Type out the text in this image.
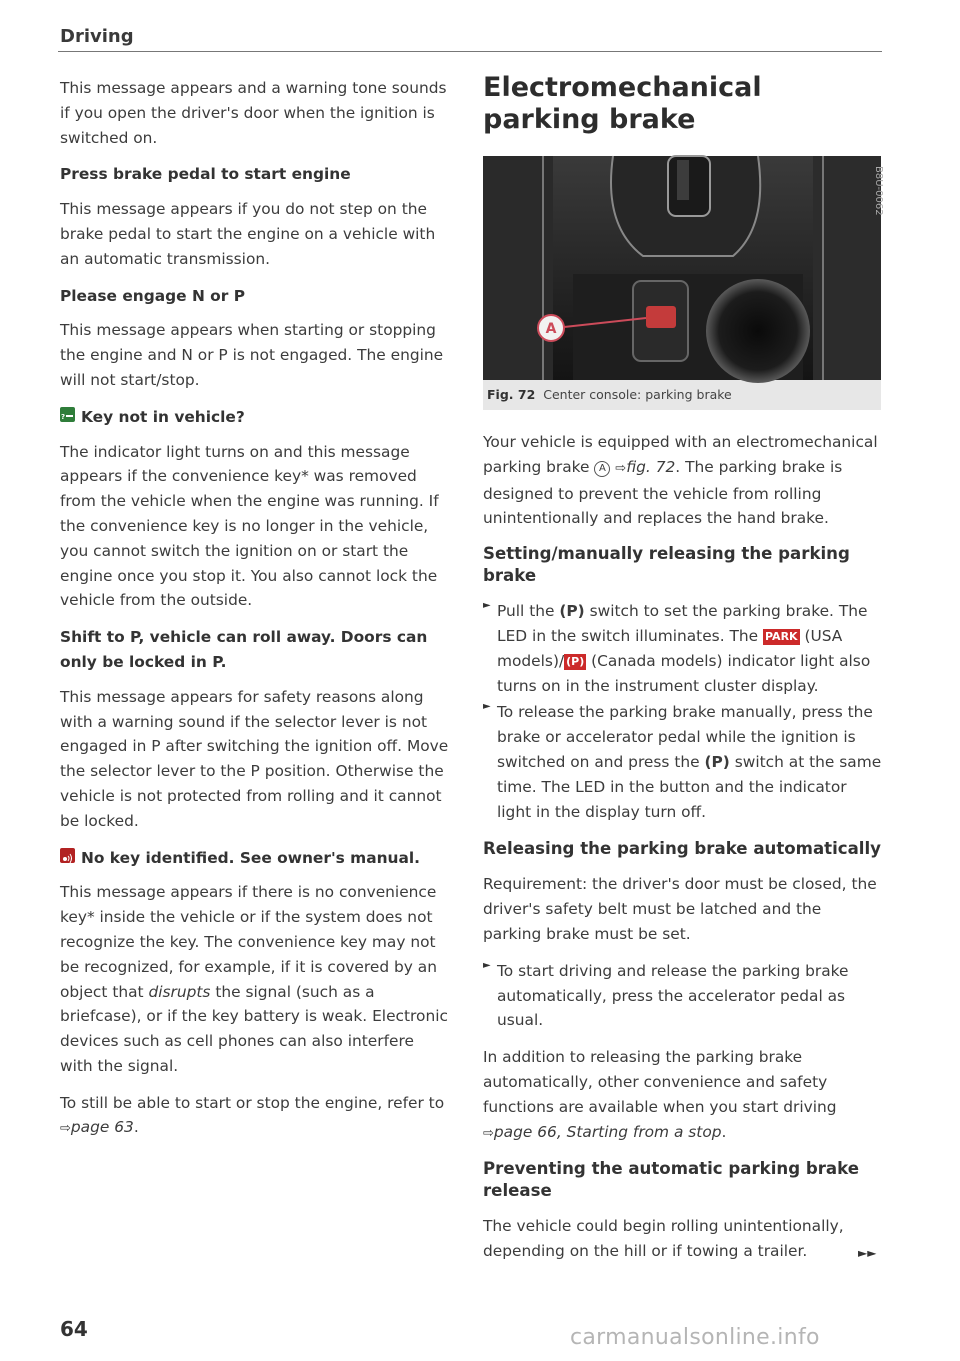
Driving

This message appears and a warning tone sounds if you open the driver's door when the ignition is switched on.

Press brake pedal to start engine

This message appears if you do not step on the brake pedal to start the engine on a vehicle with an automatic transmission.

Please engage N or P

This message appears when starting or stopping the engine and N or P is not engaged. The engine will not start/stop.

? Key not in vehicle?

The indicator light turns on and this message appears if the convenience key* was removed from the vehicle when the engine was running. If the convenience key is no longer in the vehicle, you cannot switch the ignition on or start the engine once you stop it. You also cannot lock the vehicle from the outside.

Shift to P, vehicle can roll away. Doors can only be locked in P.

This message appears for safety reasons along with a warning sound if the selector lever is not engaged in P after switching the ignition off. Move the selector lever to the P position. Otherwise the vehicle is not protected from rolling and it cannot be locked.

No key identified. See owner's manual.

This message appears if there is no convenience key* inside the vehicle or if the system does not recognize the key. The convenience key may not be recognized, for example, if it is covered by an object that disrupts the signal (such as a briefcase), or if the key battery is weak. Electronic devices such as cell phones can also interfere with the signal.

To still be able to start or stop the engine, refer to ⇨page 63.

Electromechanical parking brake
A
B8U-0062
Fig. 72 Center console: parking brake

Your vehicle is equipped with an electromechanical parking brake A ⇨fig. 72. The parking brake is designed to prevent the vehicle from rolling unintentionally and replaces the hand brake.

Setting/manually releasing the parking brake
► Pull the (P) switch to set the parking brake. The LED in the switch illuminates. The PARK (USA models)/ (P) (Canada models) indicator light also turns on in the instrument cluster display.

► To release the parking brake manually, press the brake or accelerator pedal while the ignition is switched on and press the (P) switch at the same time. The LED in the button and the indicator light in the display turn off.

Releasing the parking brake automatically

Requirement: the driver's door must be closed, the driver's safety belt must be latched and the parking brake must be set.

► To start driving and release the parking brake automatically, press the accelerator pedal as usual.

In addition to releasing the parking brake automatically, other convenience and safety functions are available when you start driving ⇨page 66, Starting from a stop.

Preventing the automatic parking brake release

The vehicle could begin rolling unintentionally, depending on the hill or if towing a trailer.	►►
64	carmanualsonline.info
